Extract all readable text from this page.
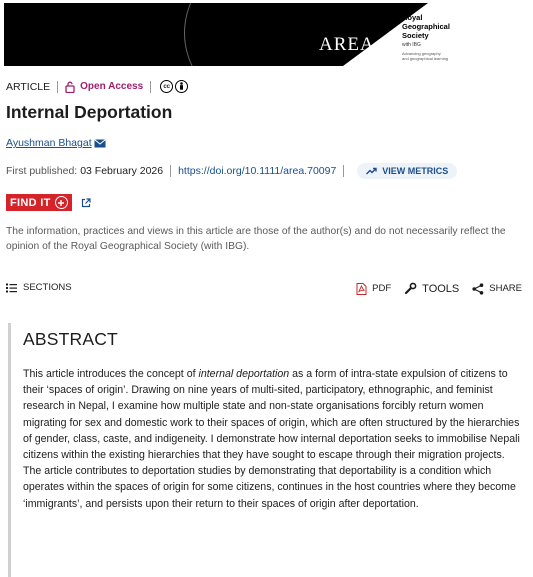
AREA
Royal
Geographical
Society
with IBG
Advancing geography
and geographical learning
ARTICLE	Open Access	cc
Internal Deportation
Ayushman Bhagat
First published: 03 February 2026 https://doi.org/10.1111/area.70097	VIEW METRICS
FIND IT

The information, practices and views in this article are those of the author(s) and do not necessarily reflect the opinion of the Royal Geographical Society (with IBG).

SECTIONS	PDF	TOOLS	SHARE
ABSTRACT

This article introduces the concept of internal deportation as a form of intra-state expulsion of citizens to their ‘spaces of origin’. Drawing on nine years of multi-sited, participatory, ethnographic, and feminist research in Nepal, I examine how multiple state and non-state organisations forcibly return women migrating for sex and domestic work to their spaces of origin, which are often structured by the hierarchies of gender, class, caste, and indigeneity. I demonstrate how internal deportation seeks to immobilise Nepali citizens within the existing hierarchies that they have sought to escape through their migration projects. The article contributes to deportation studies by demonstrating that deportability is a condition which operates within the spaces of origin for some citizens, continues in the host countries where they become ‘immigrants’, and persists upon their return to their spaces of origin after deportation.
